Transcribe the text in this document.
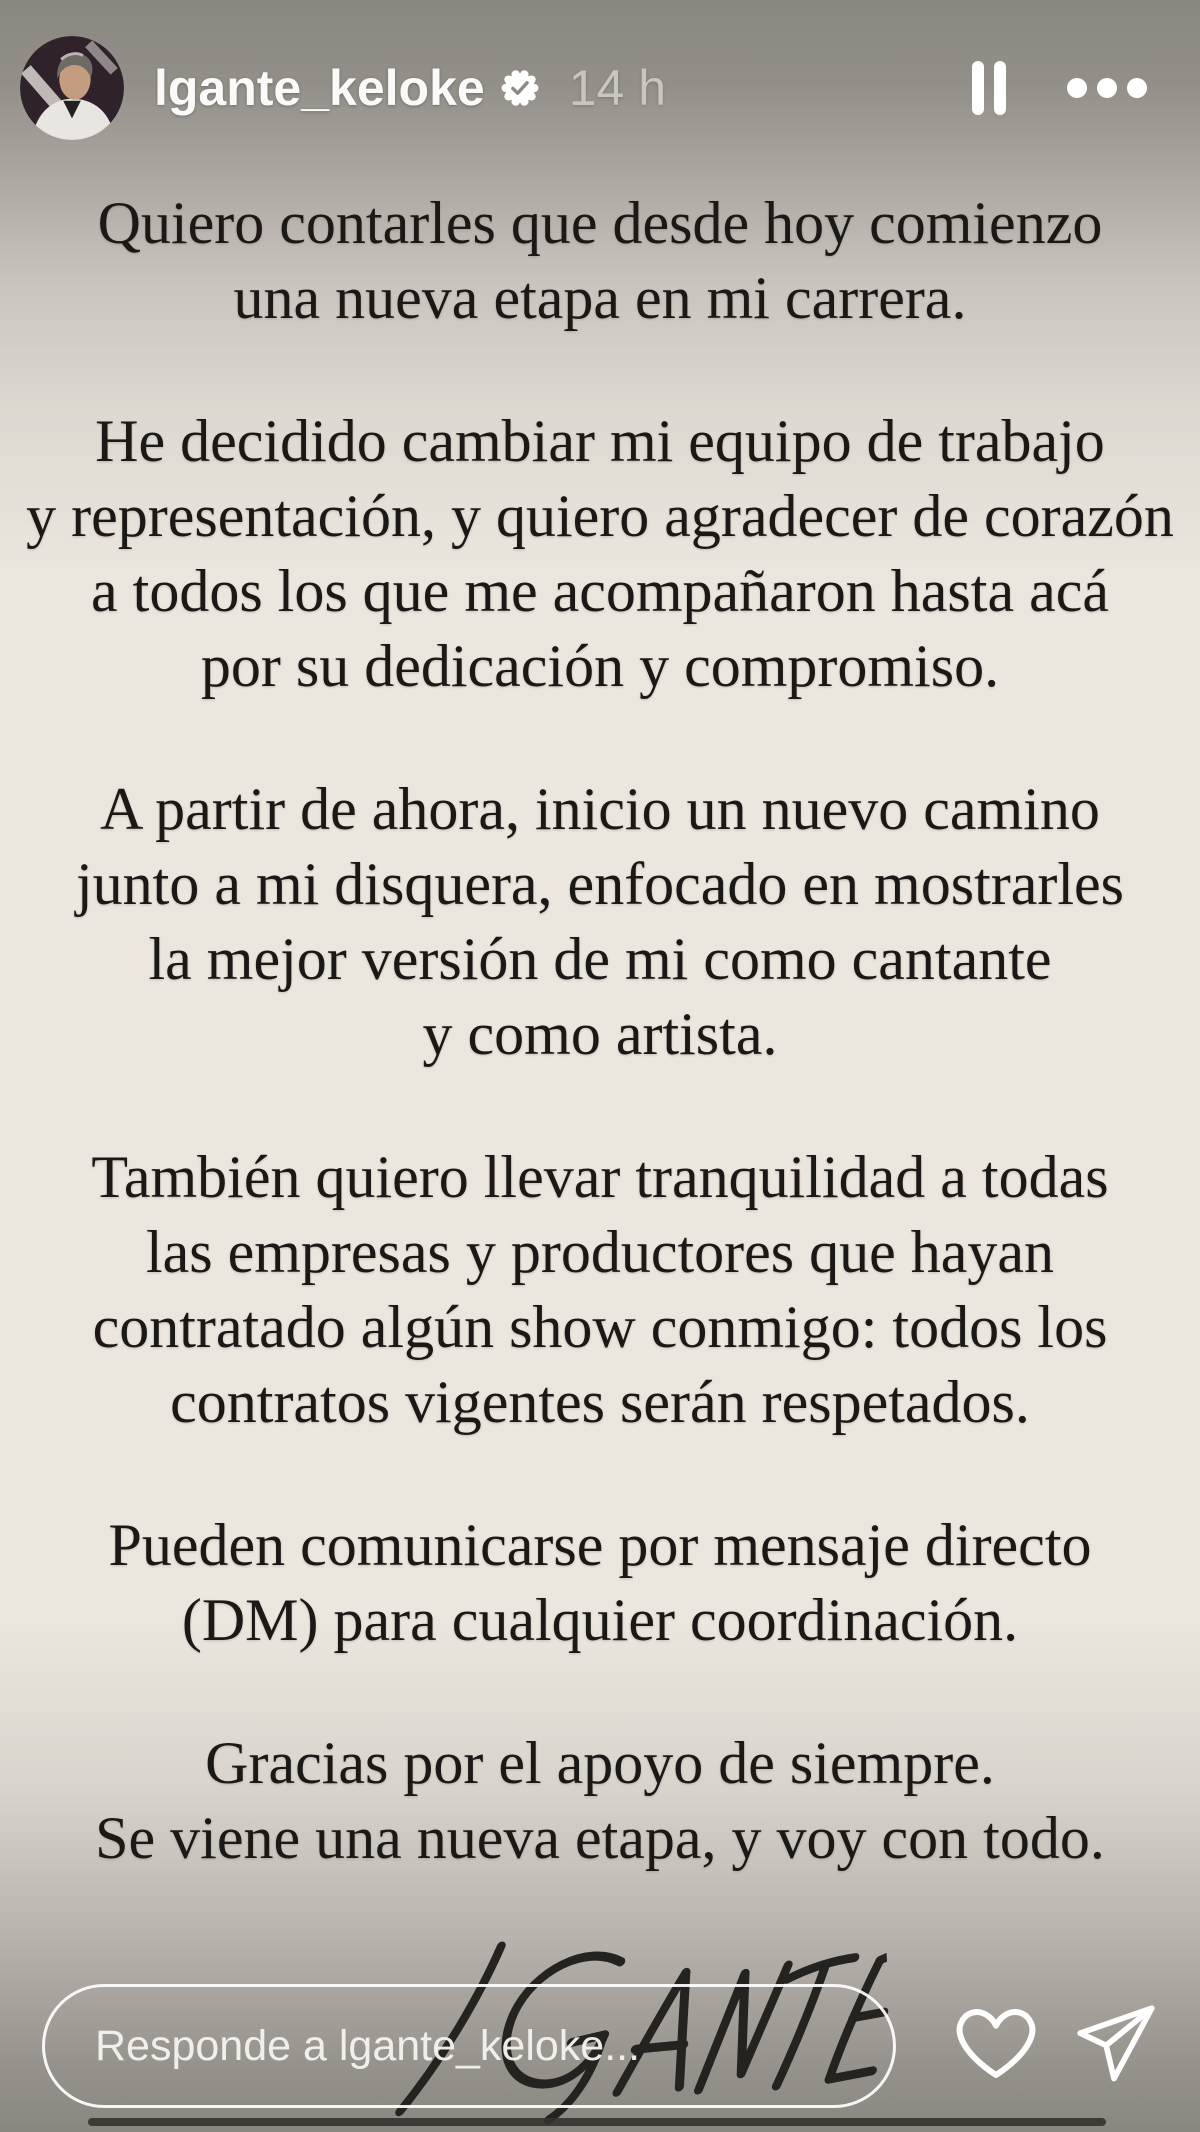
lgante_keloke 14 h
Quiero contarles que desde hoy comienzo
una nueva etapa en mi carrera.
He decidido cambiar mi equipo de trabajo
y representación, y quiero agradecer de corazón
a todos los que me acompañaron hasta acá
por su dedicación y compromiso.
A partir de ahora, inicio un nuevo camino
junto a mi disquera, enfocado en mostrarles
la mejor versión de mi como cantante
y como artista.
También quiero llevar tranquilidad a todas
las empresas y productores que hayan
contratado algún show conmigo: todos los
contratos vigentes serán respetados.
Pueden comunicarse por mensaje directo
(DM) para cualquier coordinación.
Gracias por el apoyo de siempre.
Se viene una nueva etapa, y voy con todo.
Responde a lgante_keloke...
